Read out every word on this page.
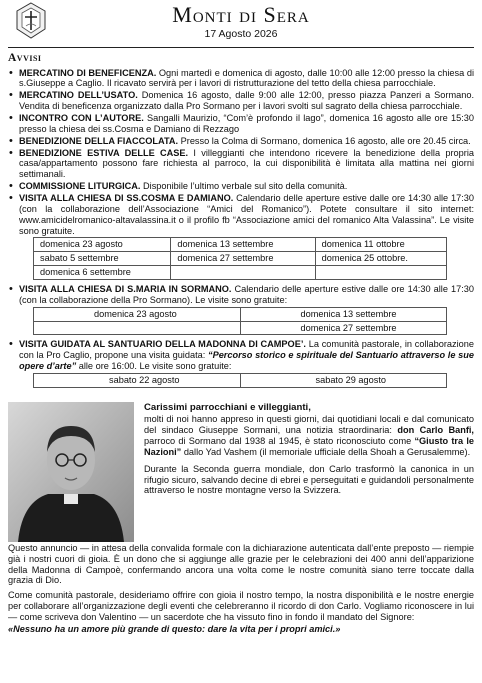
Monti di Sera
17 Agosto 2026
Avvisi
• MERCATINO DI BENEFICENZA. Ogni martedì e domenica di agosto, dalle 10:00 alle 12:00 presso la chiesa di s.Giuseppe a Caglio. Il ricavato servirà per i lavori di ristrutturazione del tetto della chiesa parrocchiale.
• MERCATINO DELL’USATO. Domenica 16 agosto, dalle 9:00 alle 12:00, presso piazza Panzeri a Sormano. Vendita di beneficenza organizzato dalla Pro Sormano per i lavori svolti sul sagrato della chiesa parrocchiale.
• INCONTRO CON L’AUTORE. Sangalli Maurizio, “Com’è profondo il lago”, domenica 16 agosto alle ore 15:30 presso la chiesa dei ss.Cosma e Damiano di Rezzago
• BENEDIZIONE DELLA FIACCOLATA. Presso la Colma di Sormano, domenica 16 agosto, alle ore 20.45 circa.
• BENEDIZIONE ESTIVA DELLE CASE. I villeggianti che intendono ricevere la benedizione della propria casa/appartamento possono fare richiesta al parroco, la cui disponibilità è limitata alla mattina nei giorni settimanali.
• COMMISSIONE LITURGICA. Disponibile l’ultimo verbale sul sito della comunità.
• VISITA ALLA CHIESA DI SS.COSMA E DAMIANO. Calendario delle aperture estive dalle ore 14:30 alle 17:30 (con la collaborazione dell’Associazione “Amici del Romanico”). Potete consultare il sito internet: www.amicidelromanico-altavalassina.it o il profilo fb “Associazione amici del romanico Alta Valassina”. Le visite sono gratuite.
domenica 23 agosto	domenica 13 settembre	domenica 11 ottobre
sabato 5 settembre	domenica 27 settembre	domenica 25 ottobre.
domenica 6 settembre		
• VISITA ALLA CHIESA DI S.MARIA IN SORMANO. Calendario delle aperture estive dalle ore 14:30 alle 17:30 (con la collaborazione della Pro Sormano). Le visite sono gratuite:
domenica 23 agosto	domenica 13 settembre
	domenica 27 settembre
• VISITA GUIDATA AL SANTUARIO DELLA MADONNA DI CAMPOE’. La comunità pastorale, in collaborazione con la Pro Caglio, propone una visita guidata: “Percorso storico e spirituale del Santuario attraverso le sue opere d’arte” alle ore 16:00. Le visite sono gratuite:
sabato 22 agosto	sabato 29 agosto
Carissimi parrocchiani e villeggianti,
molti di noi hanno appreso in questi giorni, dai quotidiani locali e dal comunicato del sindaco Giuseppe Sormani, una notizia straordinaria: don Carlo Banfi, parroco di Sormano dal 1938 al 1945, è stato riconosciuto come “Giusto tra le Nazioni” dallo Yad Vashem (il memoriale ufficiale della Shoah a Gerusalemme).
Durante la Seconda guerra mondiale, don Carlo trasformò la canonica in un rifugio sicuro, salvando decine di ebrei e perseguitati e guidandoli personalmente attraverso le nostre montagne verso la Svizzera.

Questo annuncio — in attesa della convalida formale con la dichiarazione autenticata dall’ente preposto — riempie già i nostri cuori di gioia. È un dono che si aggiunge alle grazie per le celebrazioni dei 400 anni dell’apparizione della Madonna di Campoè, confermando ancora una volta come le nostre comunità siano terre toccate dalla grazia di Dio.

Come comunità pastorale, desideriamo offrire con gioia il nostro tempo, la nostra disponibilità e le nostre energie per collaborare all’organizzazione degli eventi che celebreranno il ricordo di don Carlo. Vogliamo riconoscere in lui — come scriveva don Valentino — un sacerdote che ha vissuto fino in fondo il mandato del Signore:

«Nessuno ha un amore più grande di questo: dare la vita per i propri amici.»
